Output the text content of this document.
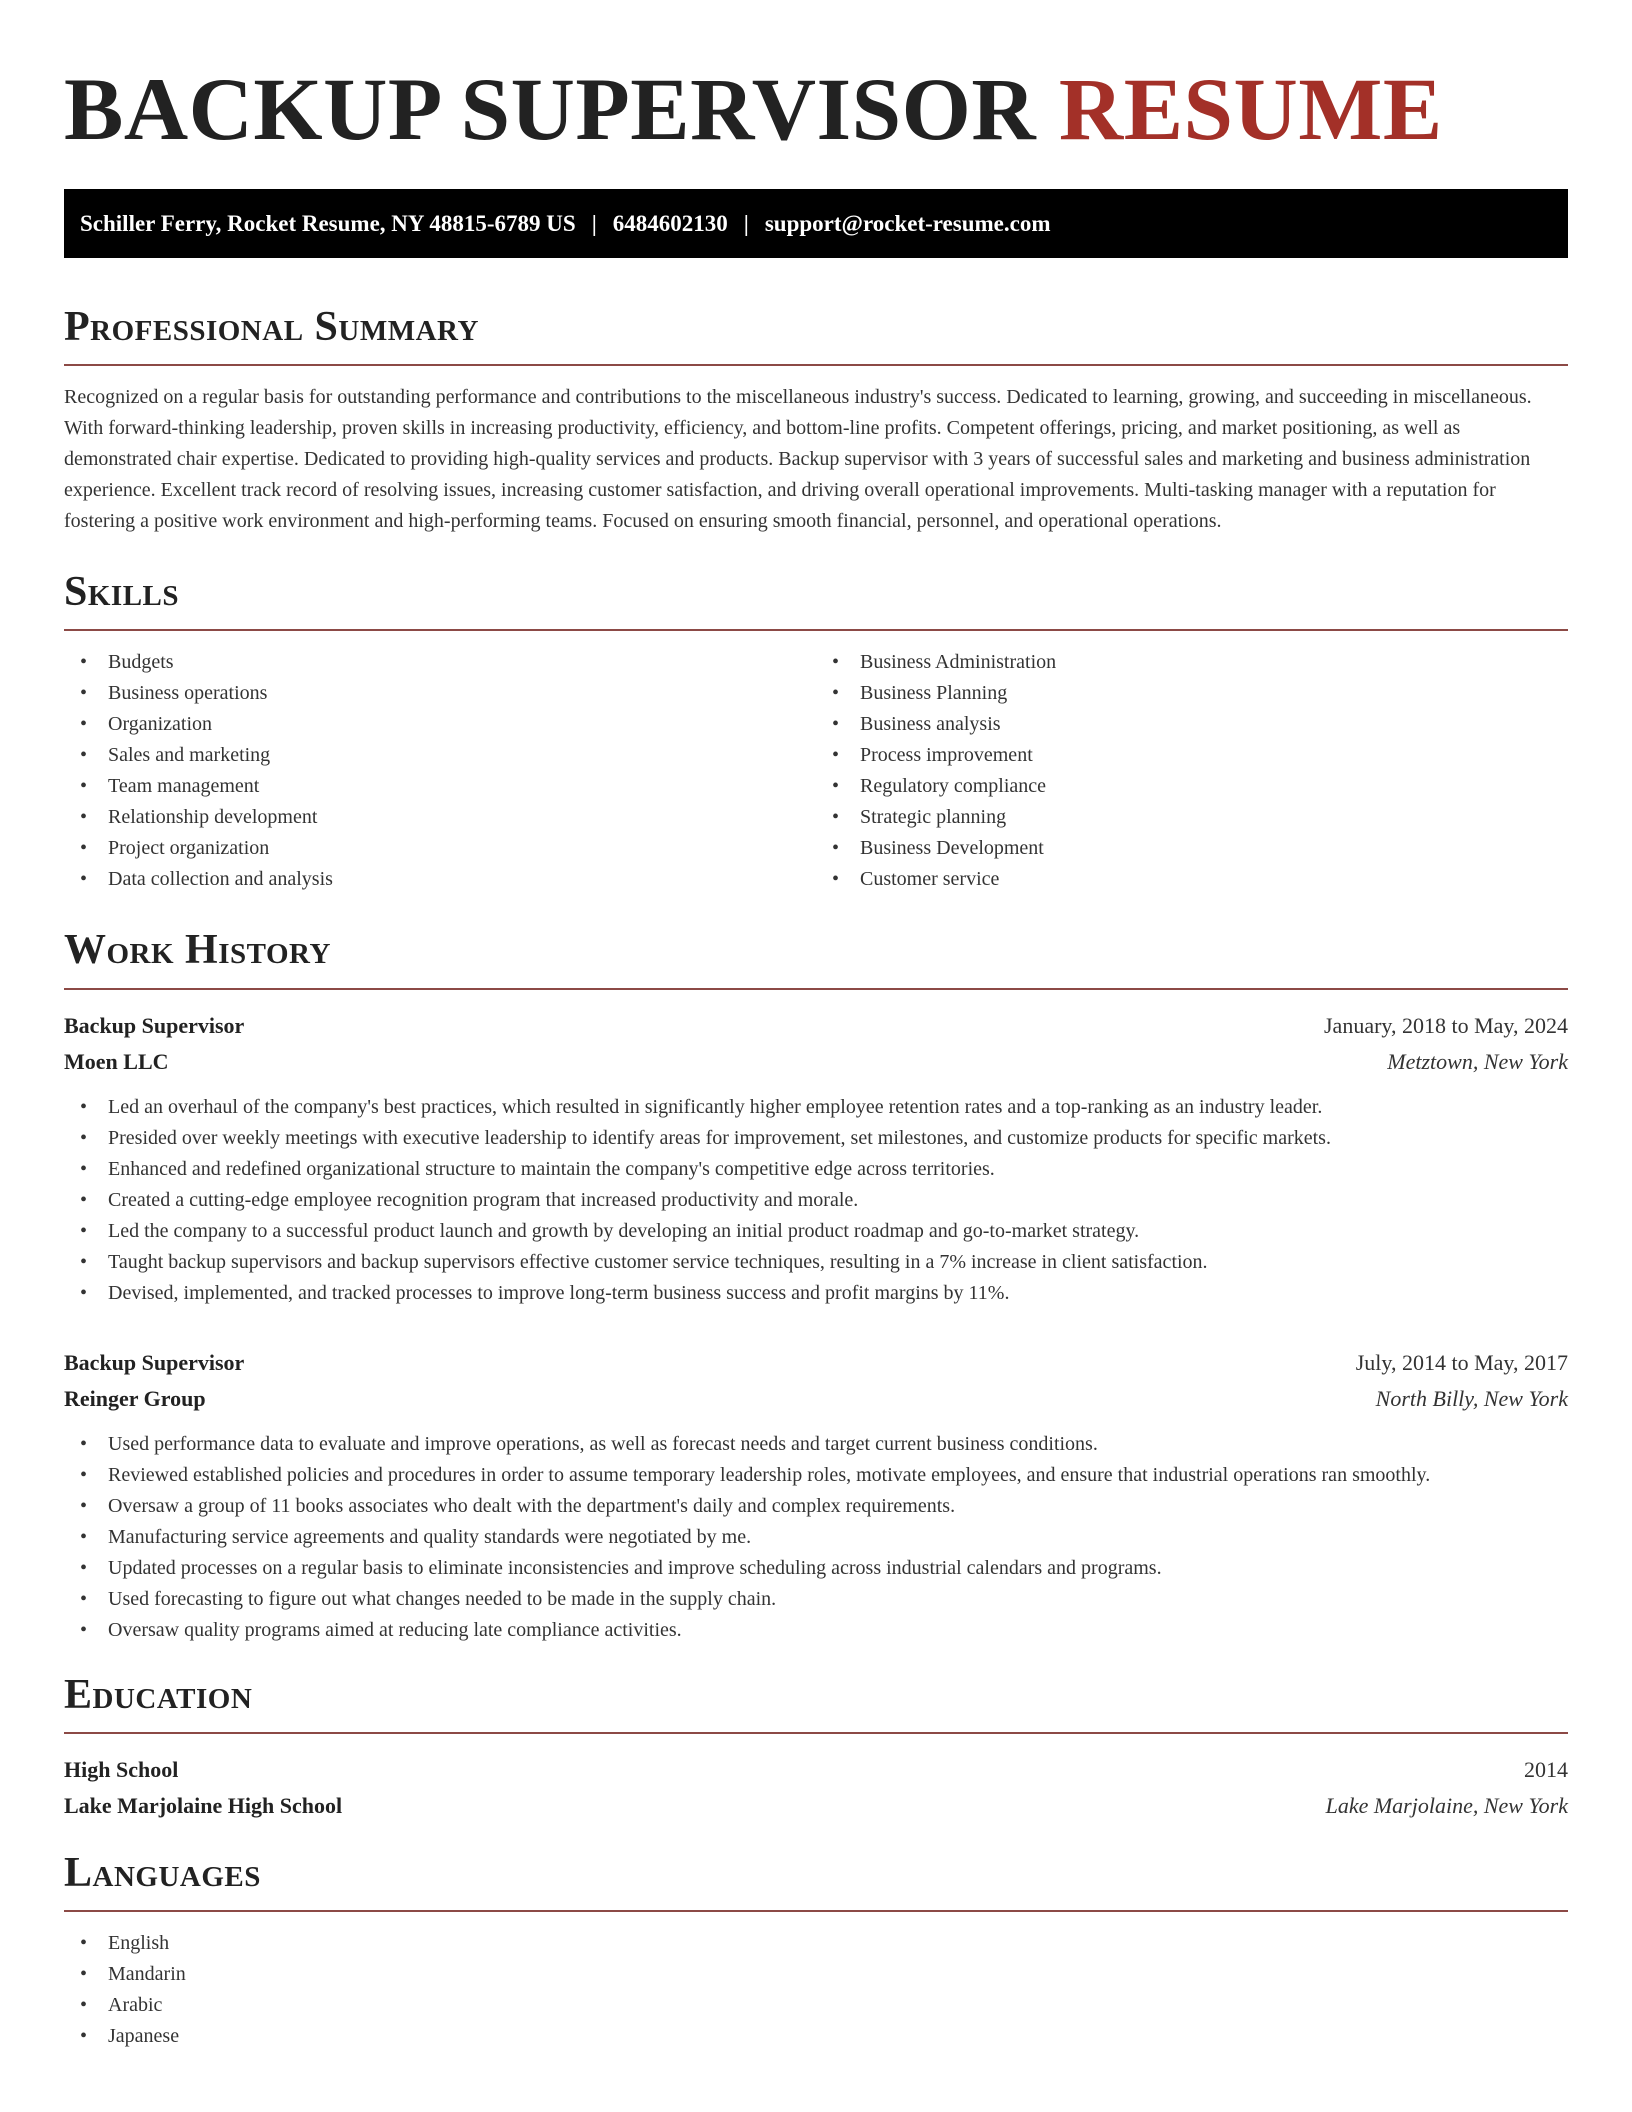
BACKUP SUPERVISOR RESUME
Schiller Ferry, Rocket Resume, NY 48815-6789 US | 6484602130 | support@rocket-resume.com
Professional Summary

Recognized on a regular basis for outstanding performance and contributions to the miscellaneous industry's success. Dedicated to learning, growing, and succeeding in miscellaneous. With forward-thinking leadership, proven skills in increasing productivity, efficiency, and bottom-line profits. Competent offerings, pricing, and market positioning, as well as demonstrated chair expertise. Dedicated to providing high-quality services and products. Backup supervisor with 3 years of successful sales and marketing and business administration experience. Excellent track record of resolving issues, increasing customer satisfaction, and driving overall operational improvements. Multi-tasking manager with a reputation for fostering a positive work environment and high-performing teams. Focused on ensuring smooth financial, personnel, and operational operations.

Skills
• Budgets
• Business operations
• Organization
• Sales and marketing
• Team management
• Relationship development
• Project organization
• Data collection and analysis
• Business Administration
• Business Planning
• Business analysis
• Process improvement
• Regulatory compliance
• Strategic planning
• Business Development
• Customer service
Work History
Backup Supervisor	January, 2018 to May, 2024
Moen LLC	Metztown, New York
• Led an overhaul of the company's best practices, which resulted in significantly higher employee retention rates and a top-ranking as an industry leader.
• Presided over weekly meetings with executive leadership to identify areas for improvement, set milestones, and customize products for specific markets.
• Enhanced and redefined organizational structure to maintain the company's competitive edge across territories.
• Created a cutting-edge employee recognition program that increased productivity and morale.
• Led the company to a successful product launch and growth by developing an initial product roadmap and go-to-market strategy.
• Taught backup supervisors and backup supervisors effective customer service techniques, resulting in a 7% increase in client satisfaction.
• Devised, implemented, and tracked processes to improve long-term business success and profit margins by 11%.
Backup Supervisor	July, 2014 to May, 2017
Reinger Group	North Billy, New York
• Used performance data to evaluate and improve operations, as well as forecast needs and target current business conditions.
• Reviewed established policies and procedures in order to assume temporary leadership roles, motivate employees, and ensure that industrial operations ran smoothly.
• Oversaw a group of 11 books associates who dealt with the department's daily and complex requirements.
• Manufacturing service agreements and quality standards were negotiated by me.
• Updated processes on a regular basis to eliminate inconsistencies and improve scheduling across industrial calendars and programs.
• Used forecasting to figure out what changes needed to be made in the supply chain.
• Oversaw quality programs aimed at reducing late compliance activities.
Education
High School	2014
Lake Marjolaine High School	Lake Marjolaine, New York
Languages
• English
• Mandarin
• Arabic
• Japanese
